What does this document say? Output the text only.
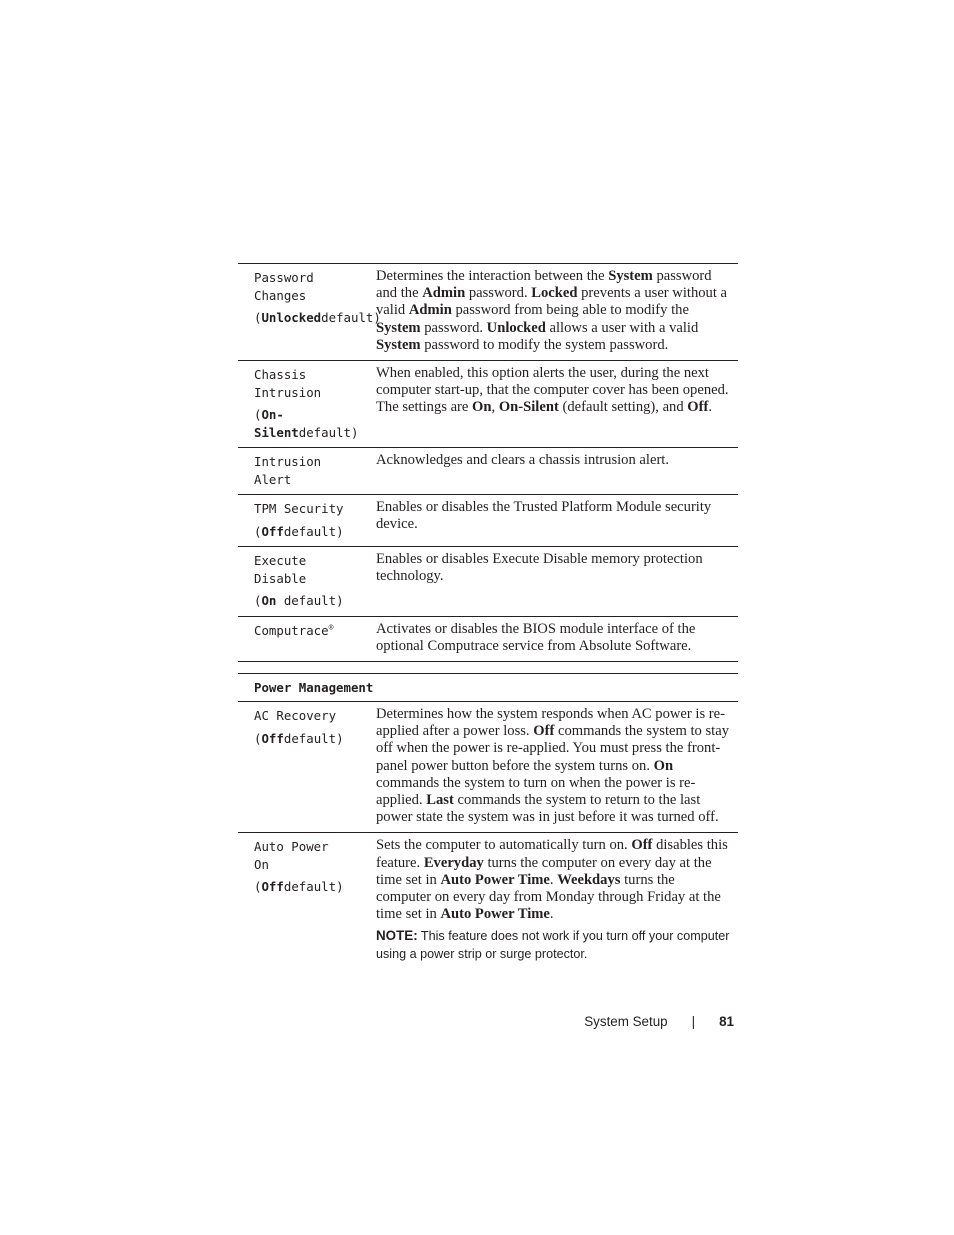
Password
Changes
(Unlockeddefault)
Determines the interaction between the System password and the Admin password. Locked prevents a user without a valid Admin password from being able to modify the System password. Unlocked allows a user with a valid System password to modify the system password.
Chassis
Intrusion
(On-Silentdefault)
When enabled, this option alerts the user, during the next computer start-up, that the computer cover has been opened. The settings are On, On-Silent (default setting), and Off.
Intrusion
Alert
Acknowledges and clears a chassis intrusion alert.
TPM Security
(Offdefault)
Enables or disables the Trusted Platform Module security device.
Execute
Disable
(On default)
Enables or disables Execute Disable memory protection technology.
Computrace®	Activates or disables the BIOS module interface of the optional Computrace service from Absolute Software.
Power Management
AC Recovery
(Offdefault)
Determines how the system responds when AC power is re-applied after a power loss. Off commands the system to stay off when the power is re-applied. You must press the front-panel power button before the system turns on. On commands the system to turn on when the power is re-applied. Last commands the system to return to the last power state the system was in just before it was turned off.
Auto Power
On
(Offdefault)
Sets the computer to automatically turn on. Off disables this feature. Everyday turns the computer on every day at the time set in Auto Power Time. Weekdays turns the computer on every day from Monday through Friday at the time set in Auto Power Time.
NOTE: This feature does not work if you turn off your computer using a power strip or surge protector.
System Setup | 81
